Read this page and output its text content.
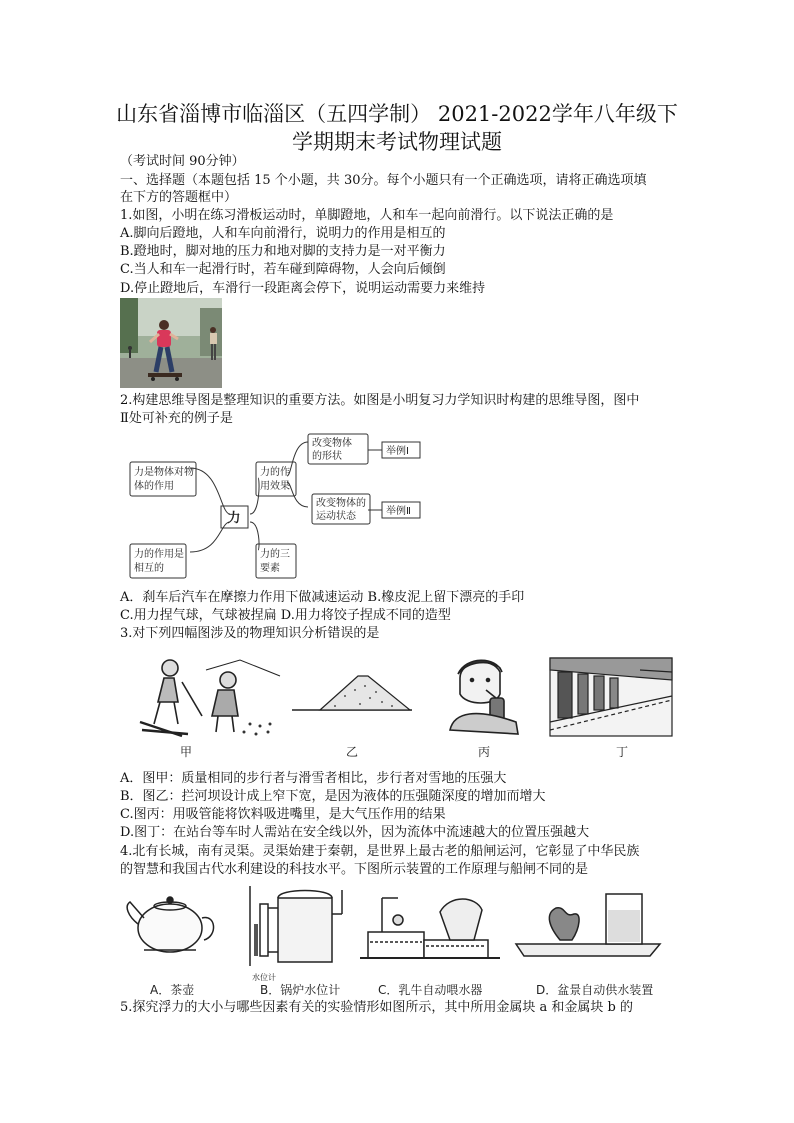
山东省淄博市临淄区（五四学制） 2021-2022学年八年级下
学期期末考试物理试题
（考试时间 90分钟）
一、选择题（本题包括 15 个小题，共 30分。每个小题只有一个正确选项，请将正确选项填
在下方的答题框中）
1.如图，小明在练习滑板运动时，单脚蹬地，人和车一起向前滑行。以下说法正确的是
A.脚向后蹬地，人和车向前滑行，说明力的作用是相互的
B.蹬地时，脚对地的压力和地对脚的支持力是一对平衡力
C.当人和车一起滑行时，若车碰到障碍物，人会向后倾倒
D.停止蹬地后，车滑行一段距离会停下，说明运动需要力来维持
2.构建思维导图是整理知识的重要方法。如图是小明复习力学知识时构建的思维导图，图中
Ⅱ处可补充的例子是
力是物体对物
体的作用
力
力的作
用效果
改变物体
的形状	举例Ⅰ
改变物体的
运动状态	举例Ⅱ
力的作用是
相互的
力的三
要素
A．刹车后汽车在摩擦力作用下做减速运动 B.橡皮泥上留下漂亮的手印
C.用力捏气球，气球被捏扁 D.用力将饺子捏成不同的造型
3.对下列四幅图涉及的物理知识分析错误的是
甲	乙	丙	丁
A．图甲：质量相同的步行者与滑雪者相比，步行者对雪地的压强大
B．图乙：拦河坝设计成上窄下宽，是因为液体的压强随深度的增加而增大
C.图丙：用吸管能将饮料吸进嘴里，是大气压作用的结果
D.图丁：在站台等车时人需站在安全线以外，因为流体中流速越大的位置压强越大
4.北有长城，南有灵渠。灵渠始建于秦朝，是世界上最古老的船闸运河，它彰显了中华民族
的智慧和我国古代水利建设的科技水平。下图所示装置的工作原理与船闸不同的是
水位计
A．茶壶	B．锅炉水位计	C．乳牛自动喂水器	D．盆景自动供水装置
5.探究浮力的大小与哪些因素有关的实验情形如图所示，其中所用金属块 a 和金属块 b 的
